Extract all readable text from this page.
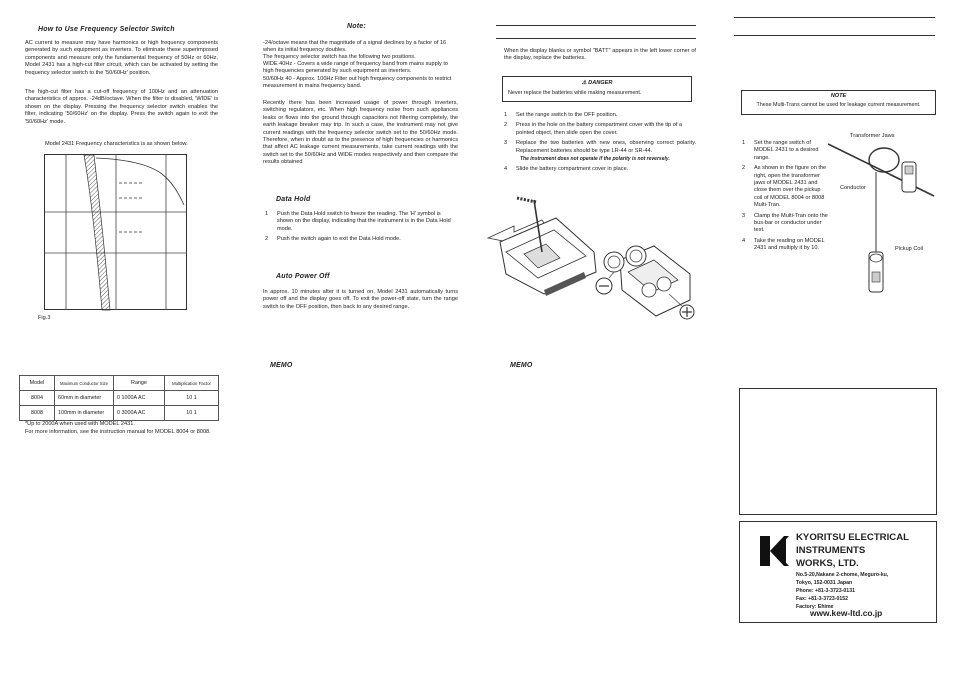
How to Use Frequency Selector Switch
AC current to measure may have harmonics or high frequency components generated by such equipment as inverters. To eliminate these superimposed components and measure only the fundamental frequency of 50Hz or 60Hz, Model 2431 has a high-cut filter circuit, which can be activated by setting the frequency selector switch to the '50/60Hz' position.
The high-cut filter has a cut-off frequency of 100Hz and an attenuation characteristics of approx. -24dB/octave. When the filter is disabled, 'WIDE' is shown on the display. Pressing the frequency selector switch enables the filter, indicating '50/60Hz' on the display. Press the switch again to exit the '50/60Hz' mode.
Model 2431 Frequency characteristics is as shown below.
Fig.3
Model	Maximum Conductor Size	Range	Multiplication Factor
8004	60mm in diameter	0 1000A AC	10 1
8008	100mm in diameter	0 3000A AC	10 1
*Up to 2000A when used with MODEL 2431.
For more information, see the instruction manual for MODEL 8004 or 8008.
Note:
-24/octave means that the magnitude of a signal declines by a factor of 16 when its initial frequency doubles.
The frequency selector switch has the following two positions.
WIDE 40Hz - Covers a wide range of frequency band from mains supply to high frequencies generated by such equipment as inverters.
50/60Hz 40 - Approx. 100Hz Filter out high frequency components to restrict measurement in mains frequency band.
Recently there has been increased usage of power through inverters, switching regulators, etc. When high frequency noise from such appliances leaks or flows into the ground through capacitors not filtering completely, the earth leakage breaker may trip. In such a case, the instrument may not give current readings with the frequency selector switch set to the 50/60Hz mode. Therefore, when in doubt as to the presence of high frequencies or harmonics that affect AC leakage current measurements, take current readings with the switch set to the 50/60Hz and WIDE modes respectively and then compare the results obtained
Data Hold
1	Push the Data Hold switch to freeze the reading. The 'H' symbol is shown on the display, indicating that the instrument is in the Data Hold mode.
2	Push the switch again to exit the Data Hold mode.
Auto Power Off
In approx. 10 minutes after it is turned on, Model 2431 automatically turns power off and the display goes off. To exit the power-off state, turn the range switch to the OFF position, then back to any desired range.
MEMO
When the display blanks or symbol "BATT" appears in the left lower corner of the display, replace the batteries.
⚠ DANGER
Never replace the batteries while making measurement.
1	Set the range switch to the OFF position.
2	Press in the hole on the battery compartment cover with the tip of a pointed object, then slide open the cover.
3	Replace the two batteries with new ones, observing correct polarity. Replacement batteries should be type LR-44 or SR-44.
The instrument does not operate if the polarity is not reversely.
4	Slide the battery compartment cover in place.
MEMO
NOTE
These Multi-Trans cannot be used for leakage current measurement.
1	Set the range switch of MODEL 2431 to a desired range.
2	As shown in the figure on the right, open the transformer jaws of MODEL 2431 and close them over the pickup coil of MODEL 8004 or 8008 Multi-Tran.
3	Clamp the Multi-Tran onto the bus-bar or conductor under test.
4	Take the reading on MODEL 2431 and multiply it by 10.
Transformer Jaws
Conductor
Pickup Coil
KYORITSU ELECTRICAL
INSTRUMENTS
WORKS, LTD.
No.5-20,Nakane 2-chome, Meguro-ku,
Tokyo, 152-0031 Japan
Phone: +81-3-3723-0131
Fax: +81-3-3723-0152
Factory: Ehime
www.kew-ltd.co.jp
